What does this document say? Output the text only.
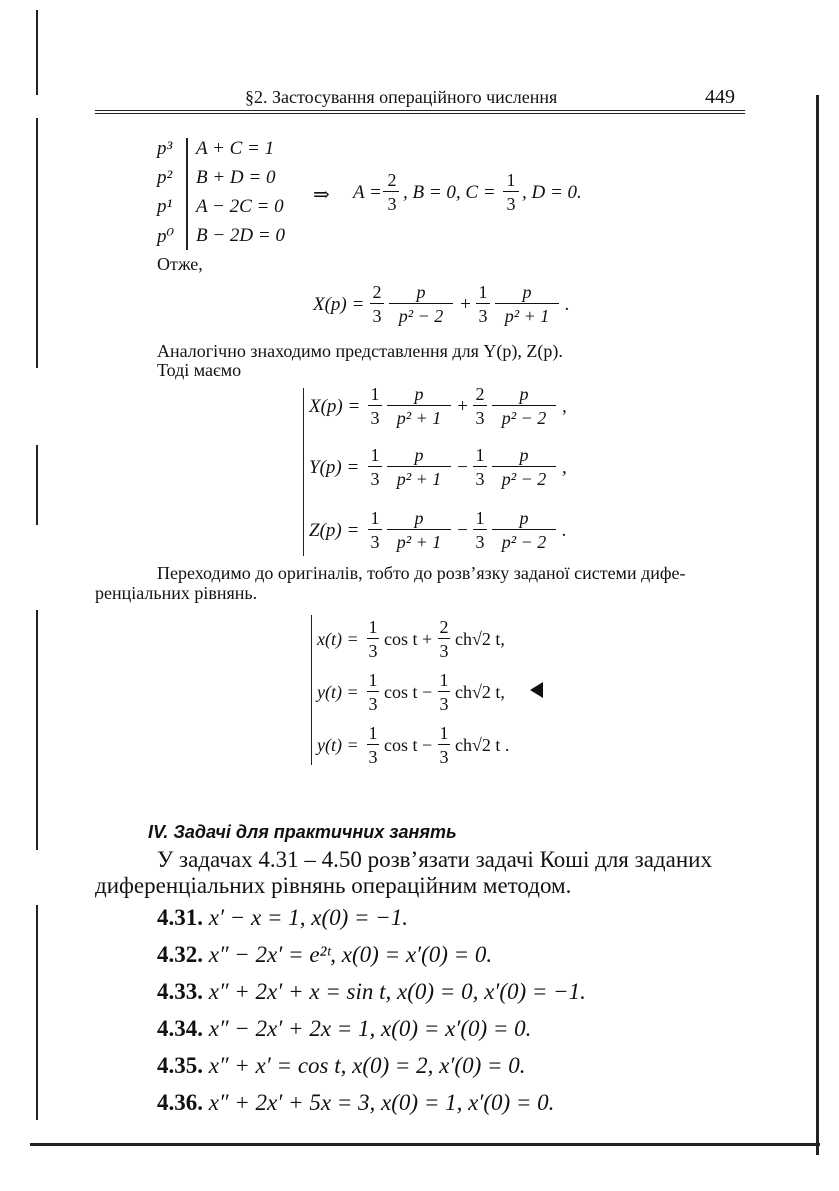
§2. Застосування операційного числення	449
p³ A + C = 1
p² B + D = 0
p¹ A − 2C = 0
p⁰ B − 2D = 0
⇒ A =
2
3
, B = 0, C =
1
3
, D = 0.
Отже,
X(p) =
2
3
p
p² − 2
+
1
3
p
p² + 1
.
Аналогічно знаходимо представлення для Y(p), Z(p).
Тоді маємо
X(p) =
1
3
p
p² + 1
+
2
3
p
p² − 2
,
Y(p) =
1
3
p
p² + 1
−
1
3
p
p² − 2
,
Z(p) =
1
3
p
p² + 1
−
1
3
p
p² − 2
.
Переходимо до оригіналів, тобто до розв’язку заданої системи дифе-
ренціальних рівнянь.
x(t) =
1
3
cos t +
2
3
ch√2 t,
y(t) =
1
3
cos t −
1
3
ch√2 t,
y(t) =
1
3
cos t −
1
3
ch√2 t .
IV. Задачі для практичних занять
У задачах 4.31 – 4.50 розв’язати задачі Коші для заданих
диференціальних рівнянь операційним методом.
4.31. x′ − x = 1, x(0) = −1.
4.32. x″ − 2x′ = e²ᵗ, x(0) = x′(0) = 0.
4.33. x″ + 2x′ + x = sin t, x(0) = 0, x′(0) = −1.
4.34. x″ − 2x′ + 2x = 1, x(0) = x′(0) = 0.
4.35. x″ + x′ = cos t, x(0) = 2, x′(0) = 0.
4.36. x″ + 2x′ + 5x = 3, x(0) = 1, x′(0) = 0.
